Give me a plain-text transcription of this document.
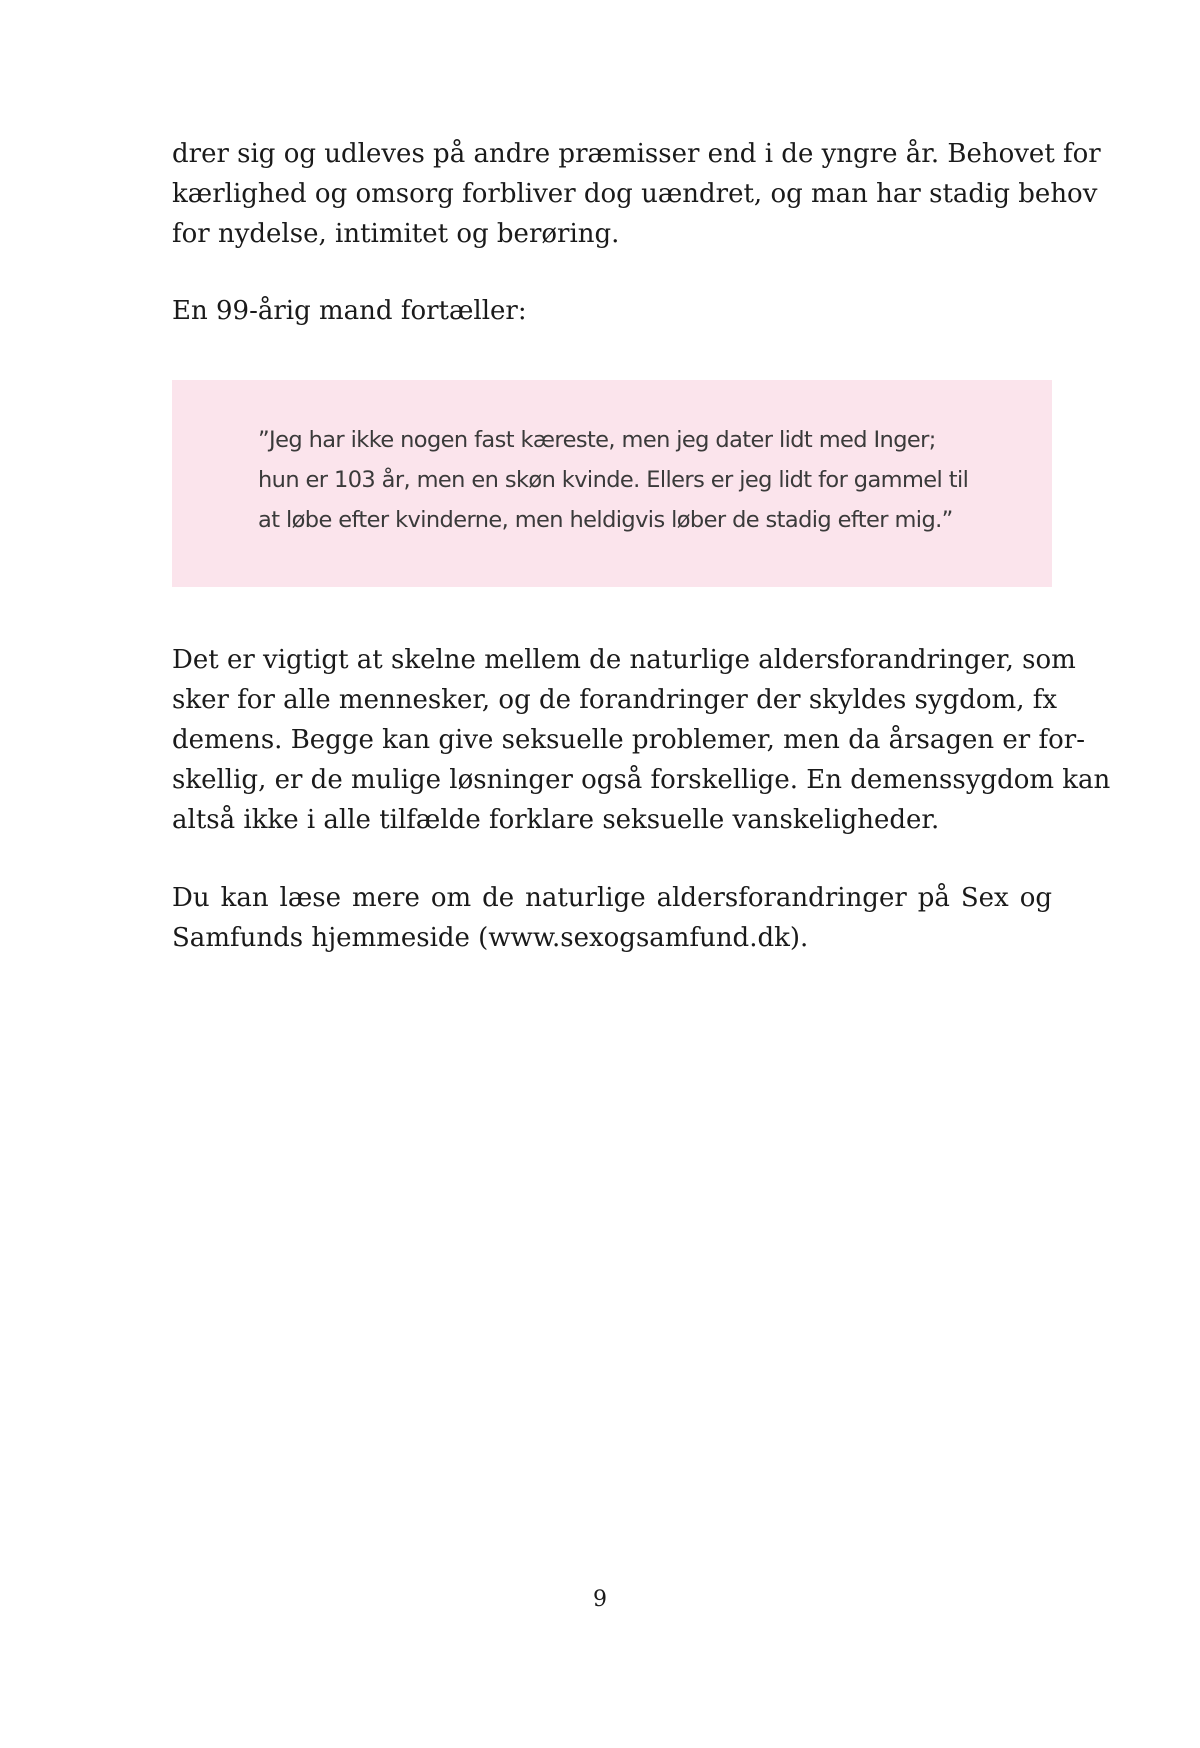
drer sig og udleves på andre præmisser end i de yngre år. Behovet for
kærlighed og omsorg forbliver dog uændret, og man har stadig behov
for nydelse, intimitet og berøring.

En 99-årig mand fortæller:

”Jeg har ikke nogen fast kæreste, men jeg dater lidt med Inger;
hun er 103 år, men en skøn kvinde. Ellers er jeg lidt for gammel til
at løbe efter kvinderne, men heldigvis løber de stadig efter mig.”

Det er vigtigt at skelne mellem de naturlige aldersforandringer, som
sker for alle mennesker, og de forandringer der skyldes sygdom, fx
demens. Begge kan give seksuelle problemer, men da årsagen er for-
skellig, er de mulige løsninger også forskellige. En demenssygdom kan
altså ikke i alle tilfælde forklare seksuelle vanskeligheder.

Du kan læse mere om de naturlige aldersforandringer på Sex og
Samfunds hjemmeside (www.sexogsamfund.dk).

9
